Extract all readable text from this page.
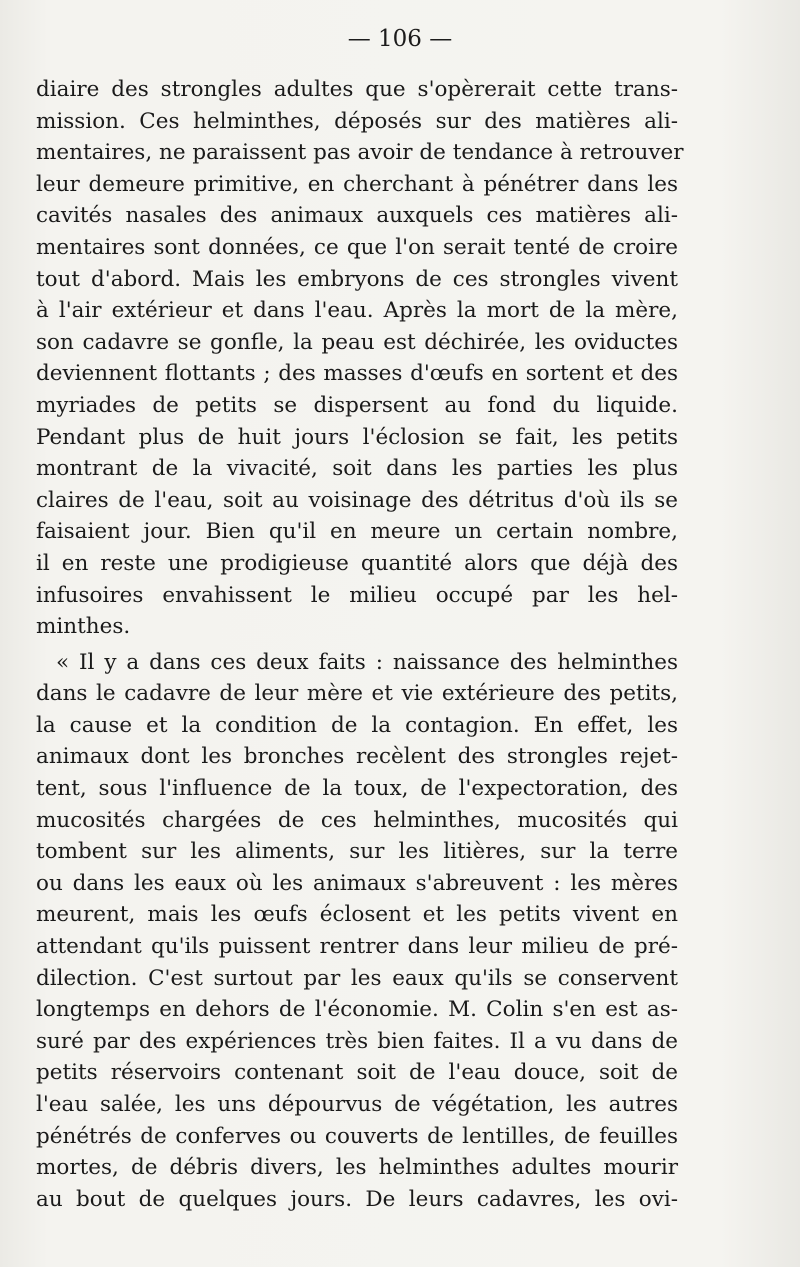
— 106 —
diaire des strongles adultes que s'opèrerait cette trans-
mission. Ces helminthes, déposés sur des matières ali-
mentaires, ne paraissent pas avoir de tendance à retrouver
leur demeure primitive, en cherchant à pénétrer dans les
cavités nasales des animaux auxquels ces matières ali-
mentaires sont données, ce que l'on serait tenté de croire
tout d'abord. Mais les embryons de ces strongles vivent
à l'air extérieur et dans l'eau. Après la mort de la mère,
son cadavre se gonfle, la peau est déchirée, les oviductes
deviennent flottants ; des masses d'œufs en sortent et des
myriades de petits se dispersent au fond du liquide.
Pendant plus de huit jours l'éclosion se fait, les petits
montrant de la vivacité, soit dans les parties les plus
claires de l'eau, soit au voisinage des détritus d'où ils se
faisaient jour. Bien qu'il en meure un certain nombre,
il en reste une prodigieuse quantité alors que déjà des
infusoires envahissent le milieu occupé par les hel-
minthes.
« Il y a dans ces deux faits : naissance des helminthes
dans le cadavre de leur mère et vie extérieure des petits,
la cause et la condition de la contagion. En effet, les
animaux dont les bronches recèlent des strongles rejet-
tent, sous l'influence de la toux, de l'expectoration, des
mucosités chargées de ces helminthes, mucosités qui
tombent sur les aliments, sur les litières, sur la terre
ou dans les eaux où les animaux s'abreuvent : les mères
meurent, mais les œufs éclosent et les petits vivent en
attendant qu'ils puissent rentrer dans leur milieu de pré-
dilection. C'est surtout par les eaux qu'ils se conservent
longtemps en dehors de l'économie. M. Colin s'en est as-
suré par des expériences très bien faites. Il a vu dans de
petits réservoirs contenant soit de l'eau douce, soit de
l'eau salée, les uns dépourvus de végétation, les autres
pénétrés de conferves ou couverts de lentilles, de feuilles
mortes, de débris divers, les helminthes adultes mourir
au bout de quelques jours. De leurs cadavres, les ovi-
